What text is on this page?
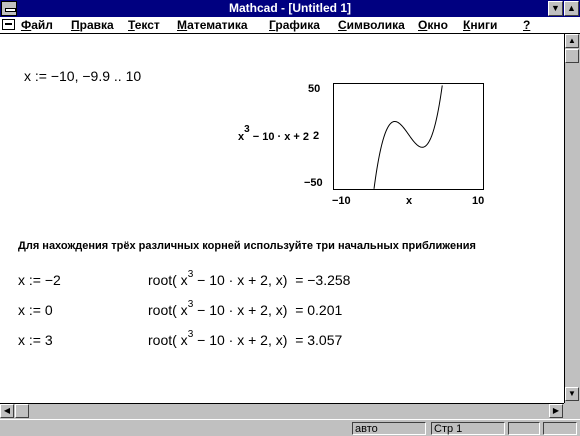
Mathcad - [Untitled 1]	▼ ▲
Файл Правка Текст Математика Графика Символика Окно Книги ?
x := −10, −9.9 .. 10
50
2
−50
$x^3 - 10 \cdot x + 2$
−10	x	10
Для нахождения трёх различных корней используйте три начальных приближения
x := −2	root( $x^3 - 10 \cdot x + 2$, x) = −3.258
x := 0	root( $x^3 - 10 \cdot x + 2$, x) = 0.201
x := 3	root( $x^3 - 10 \cdot x + 2$, x) = 3.057
▲
▼
◀	▶
авто	Стр 1
